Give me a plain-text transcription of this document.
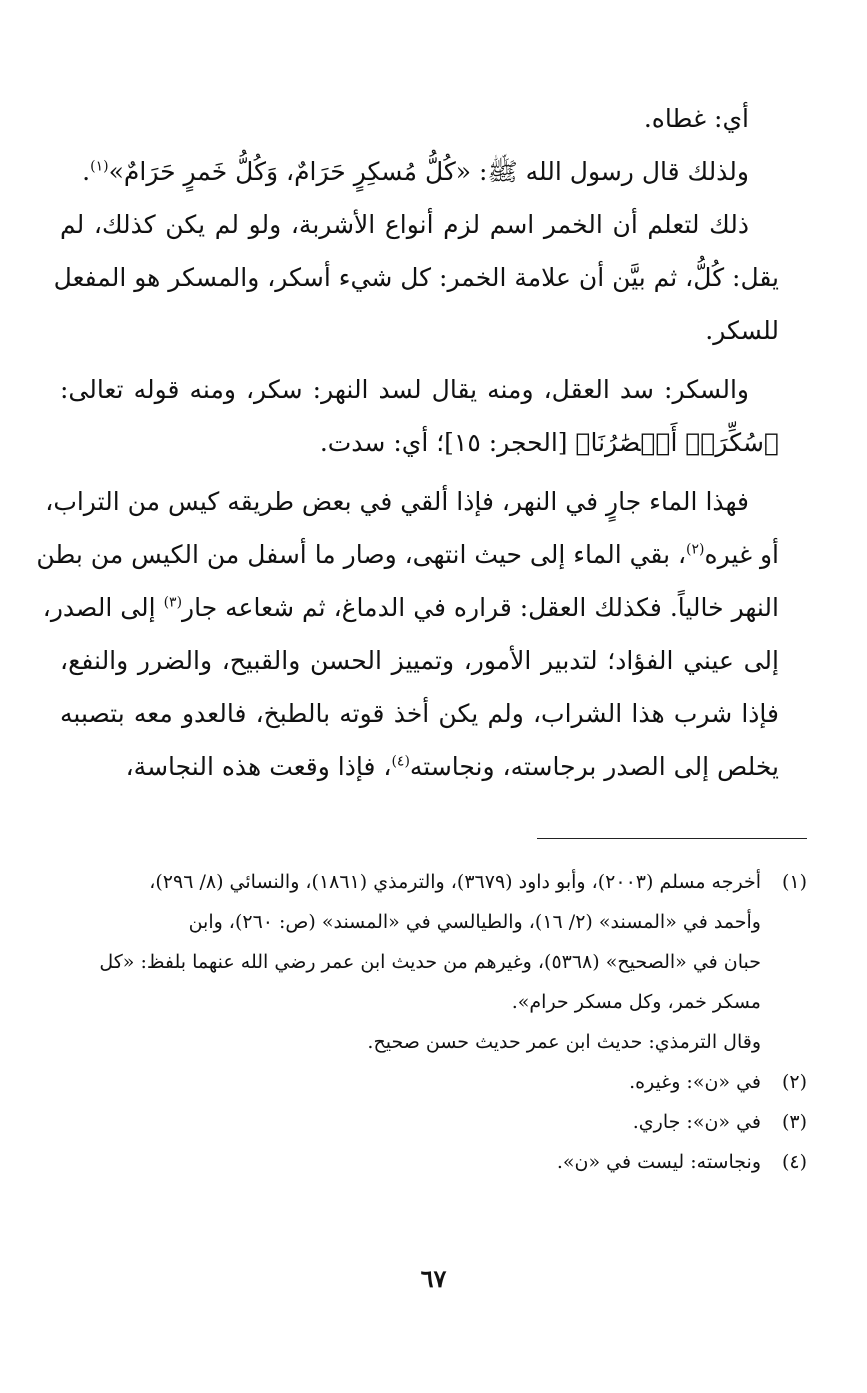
أي: غطاه.
ولذلك قال رسول الله ﷺ: «كُلُّ مُسكِرٍ حَرَامٌ، وَكُلُّ خَمرٍ حَرَامٌ»$^{(١)}$.
ذلك لتعلم أن الخمر اسم لزم أنواع الأشربة، ولو لم يكن كذلك، لم
يقل: كُلُّ، ثم بيَّن أن علامة الخمر: كل شيء أسكر، والمسكر هو المفعل
للسكر.
والسكر: سد العقل، ومنه يقال لسد النهر: سكر، ومنه قوله تعالى:
﴿سُكِّرَتۡ أَبۡصَٰرُنَا﴾ [الحجر: ١٥]؛ أي: سدت.
فهذا الماء جارٍ في النهر، فإذا ألقي في بعض طريقه كيس من التراب،
أو غيره$^{(٢)}$، بقي الماء إلى حيث انتهى، وصار ما أسفل من الكيس من بطن
النهر خالياً. فكذلك العقل: قراره في الدماغ، ثم شعاعه جار$^{(٣)}$ إلى الصدر،
إلى عيني الفؤاد؛ لتدبير الأمور، وتمييز الحسن والقبيح، والضرر والنفع،
فإذا شرب هذا الشراب، ولم يكن أخذ قوته بالطبخ، فالعدو معه بتصببه
يخلص إلى الصدر برجاسته، ونجاسته$^{(٤)}$، فإذا وقعت هذه النجاسة،
(١)أخرجه مسلم (٢٠٠٣)، وأبو داود (٣٦٧٩)، والترمذي (١٨٦١)، والنسائي (٨/ ٢٩٦)،
وأحمد في «المسند» (٢/ ١٦)، والطيالسي في «المسند» (ص: ٢٦٠)، وابن
حبان في «الصحيح» (٥٣٦٨)، وغيرهم من حديث ابن عمر رضي الله عنهما بلفظ: «كل
مسكر خمر، وكل مسكر حرام».
وقال الترمذي: حديث ابن عمر حديث حسن صحيح.
(٢)في «ن»: وغيره.
(٣)في «ن»: جاري.
(٤)ونجاسته: ليست في «ن».
٦٧
